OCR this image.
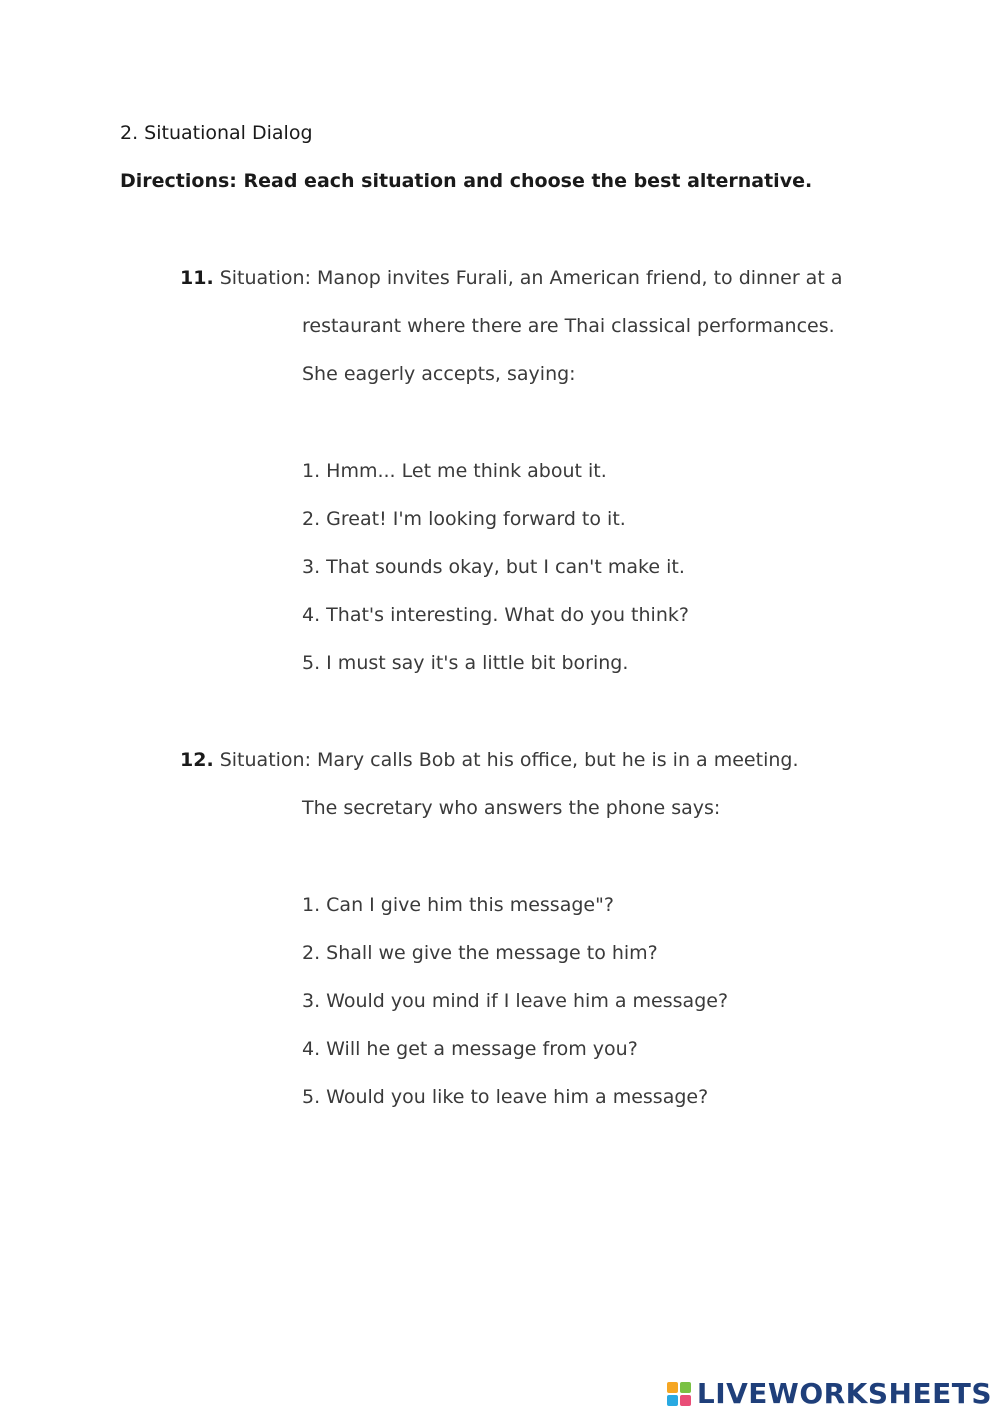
2. Situational Dialog
Directions: Read each situation and choose the best alternative.
11. Situation: Manop invites Furali, an American friend, to dinner at a
restaurant where there are Thai classical performances.
She eagerly accepts, saying:
1. Hmm... Let me think about it.
2. Great! I'm looking forward to it.
3. That sounds okay, but I can't make it.
4. That's interesting. What do you think?
5. I must say it's a little bit boring.
12. Situation: Mary calls Bob at his office, but he is in a meeting.
The secretary who answers the phone says:
1. Can I give him this message"?
2. Shall we give the message to him?
3. Would you mind if I leave him a message?
4. Will he get a message from you?
5. Would you like to leave him a message?
LIVEWORKSHEETS
